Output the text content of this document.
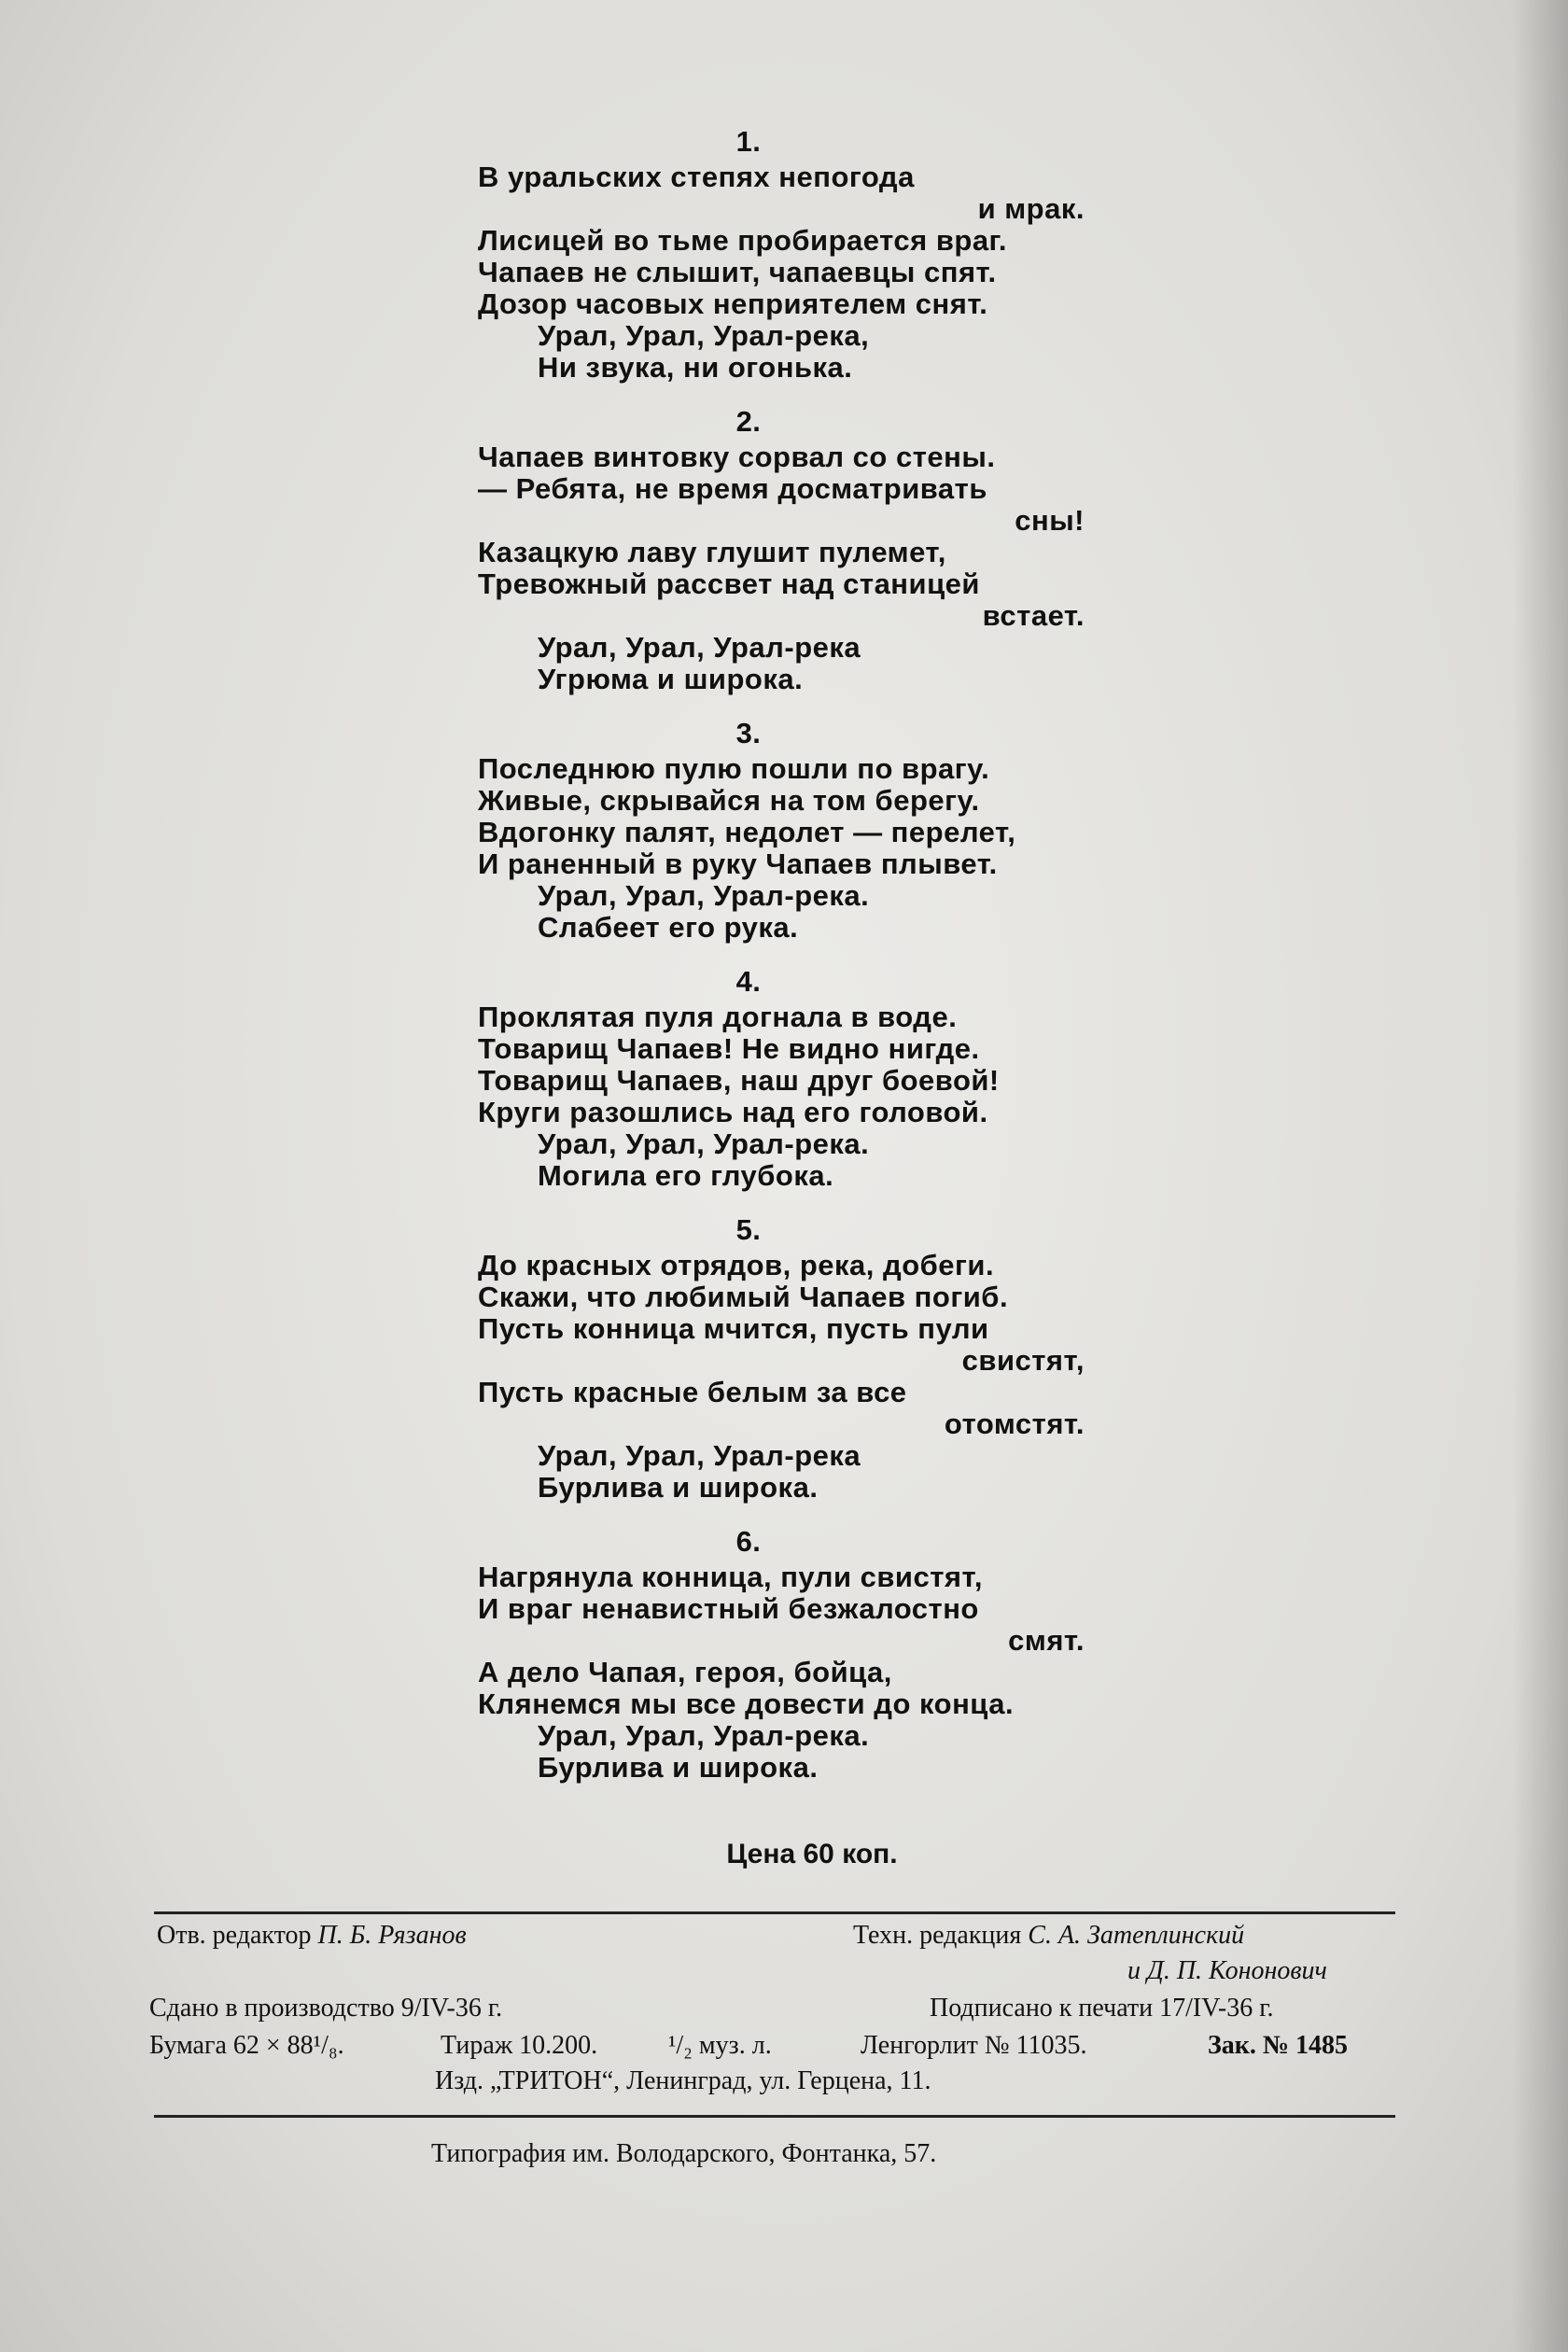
1.
В уральских степях непогода
и мрак.
Лисицей во тьме пробирается враг.
Чапаев не слышит, чапаевцы спят.
Дозор часовых неприятелем снят.
Урал, Урал, Урал-река,
Ни звука, ни огонька.
2.
Чапаев винтовку сорвал со стены.
— Ребята, не время досматривать
сны!
Казацкую лаву глушит пулемет,
Тревожный рассвет над станицей
встает.
Урал, Урал, Урал-река
Угрюма и широка.
3.
Последнюю пулю пошли по врагу.
Живые, скрывайся на том берегу.
Вдогонку палят, недолет — перелет,
И раненный в руку Чапаев плывет.
Урал, Урал, Урал-река.
Слабеет его рука.
4.
Проклятая пуля догнала в воде.
Товарищ Чапаев! Не видно нигде.
Товарищ Чапаев, наш друг боевой!
Круги разошлись над его головой.
Урал, Урал, Урал-река.
Могила его глубока.
5.
До красных отрядов, река, добеги.
Скажи, что любимый Чапаев погиб.
Пусть конница мчится, пусть пули
свистят,
Пусть красные белым за все
отомстят.
Урал, Урал, Урал-река
Бурлива и широка.
6.
Нагрянула конница, пули свистят,
И враг ненавистный безжалостно
смят.
А дело Чапая, героя, бойца,
Клянемся мы все довести до конца.
Урал, Урал, Урал-река.
Бурлива и широка.
Цена 60 коп.
Отв. редактор П. Б. Рязанов	Техн. редакция С. А. Затеплинский
и Д. П. Кононович
Сдано в производство 9/IV-36 г.	Подписано к печати 17/IV-36 г.
Бумага 62 × 88¹/₈.	Тираж 10.200.	¹/₂ муз. л.	Ленгорлит № 11035.	Зак. № 1485
Изд. „ТРИТОН“, Ленинград, ул. Герцена, 11.
Типография им. Володарского, Фонтанка, 57.
